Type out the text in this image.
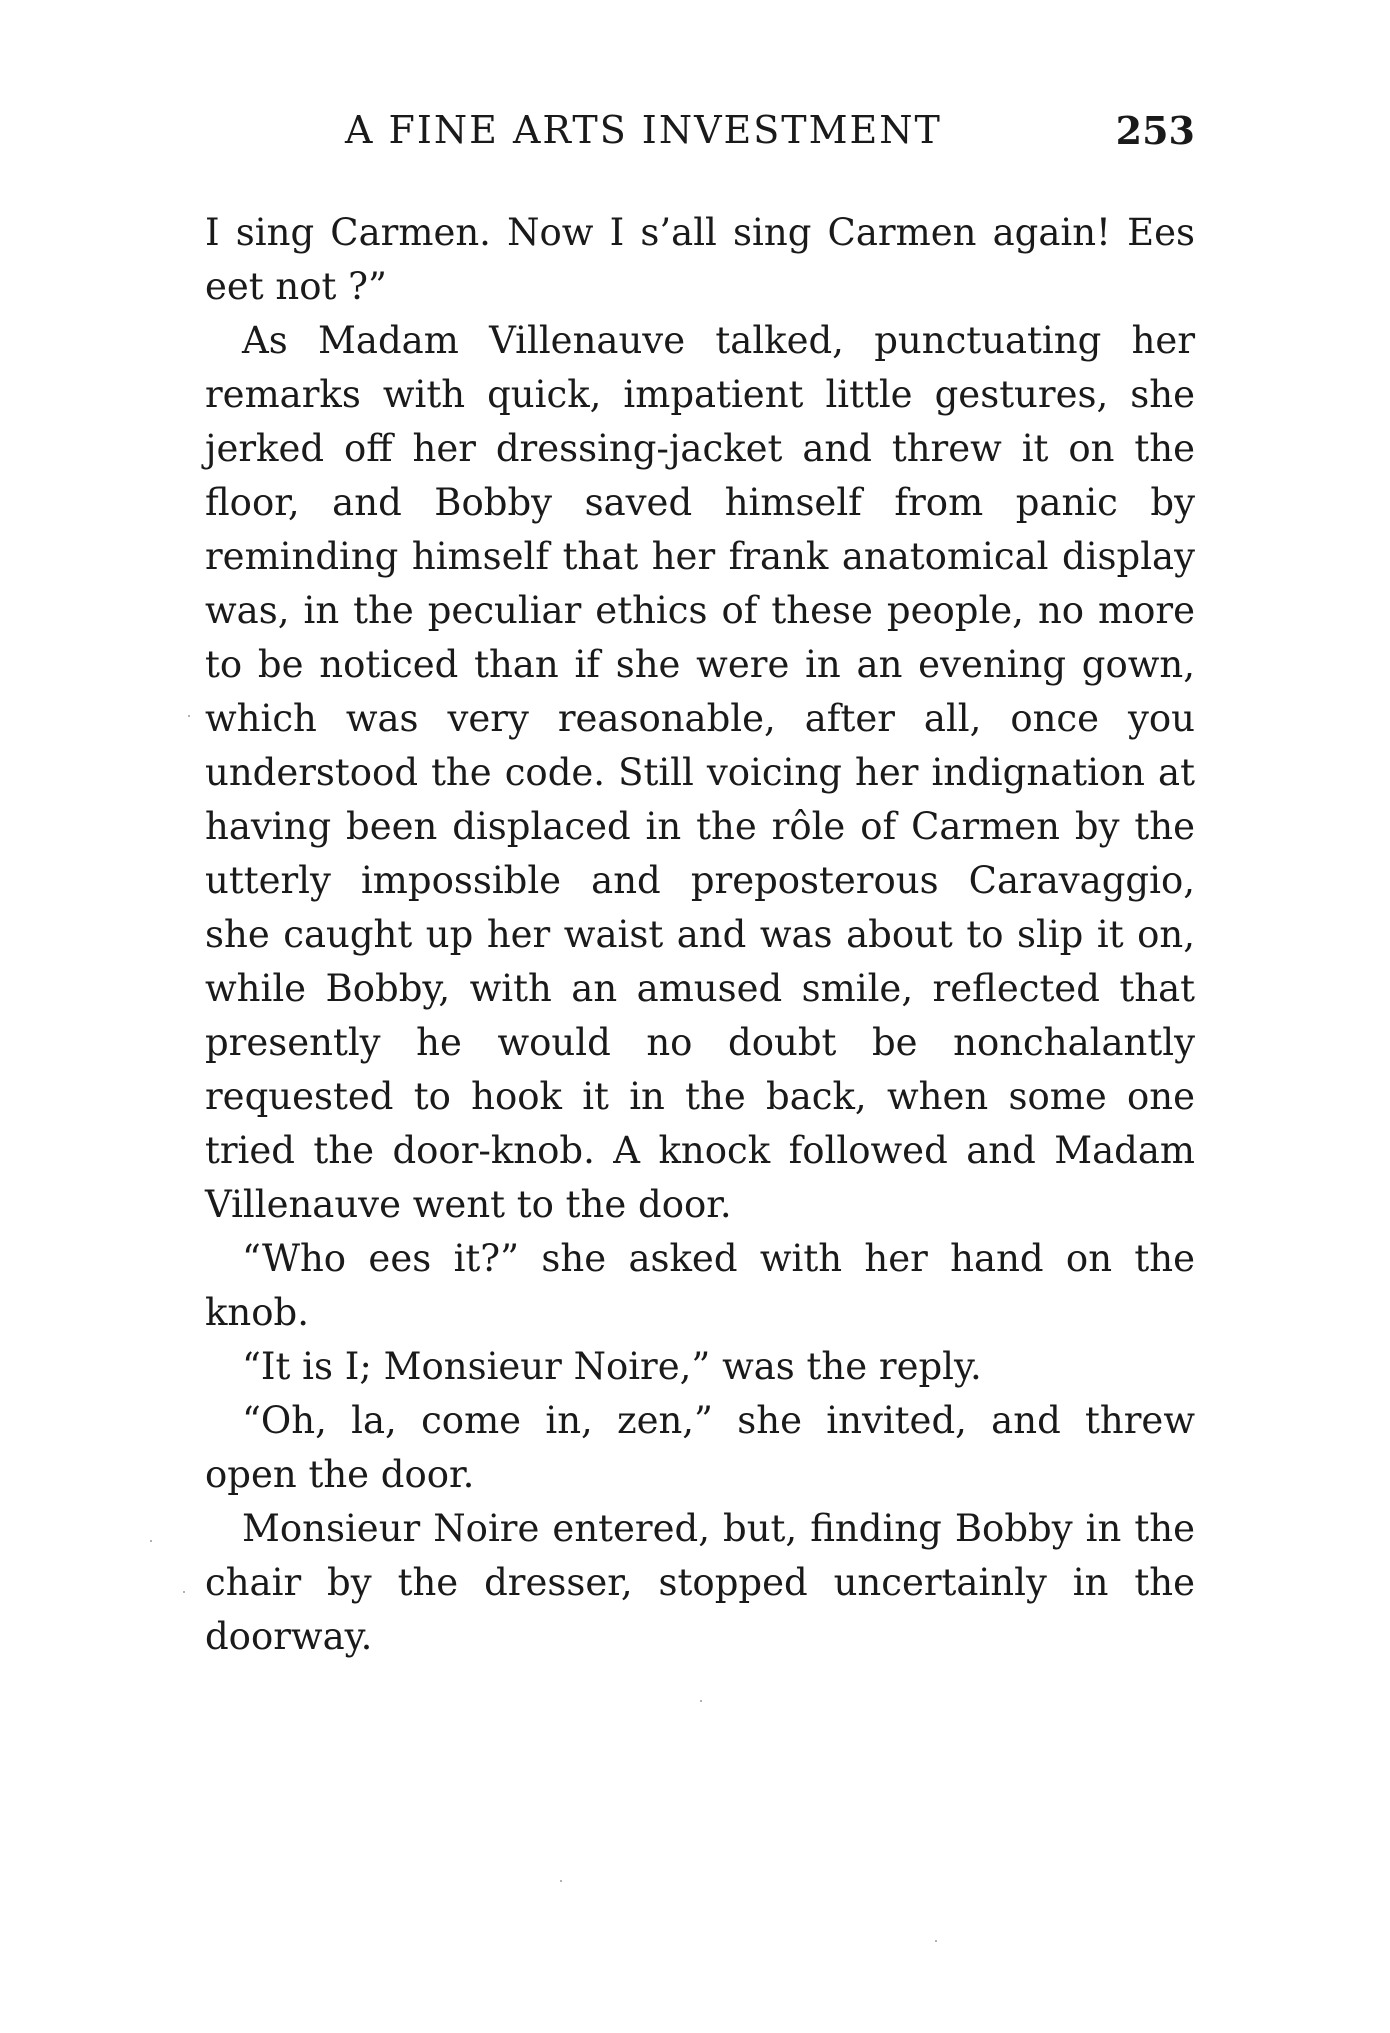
A FINE ARTS INVESTMENT	253

I sing Carmen. Now I s’all sing Carmen again! Ees eet not ?”

As Madam Villenauve talked, punctuating her remarks with quick, impatient little gestures, she jerked off her dressing-jacket and threw it on the floor, and Bobby saved himself from panic by reminding himself that her frank anatomical display was, in the peculiar ethics of these people, no more to be noticed than if she were in an evening gown, which was very reasonable, after all, once you understood the code. Still voicing her indignation at having been displaced in the rôle of Carmen by the utterly impossible and preposterous Caravaggio, she caught up her waist and was about to slip it on, while Bobby, with an amused smile, reflected that presently he would no doubt be nonchalantly requested to hook it in the back, when some one tried the door-knob. A knock followed and Madam Villenauve went to the door.

“Who ees it?” she asked with her hand on the knob.

“It is I; Monsieur Noire,” was the reply.

“Oh, la, come in, zen,” she invited, and threw open the door.

Monsieur Noire entered, but, finding Bobby in the chair by the dresser, stopped uncertainly in the doorway.
